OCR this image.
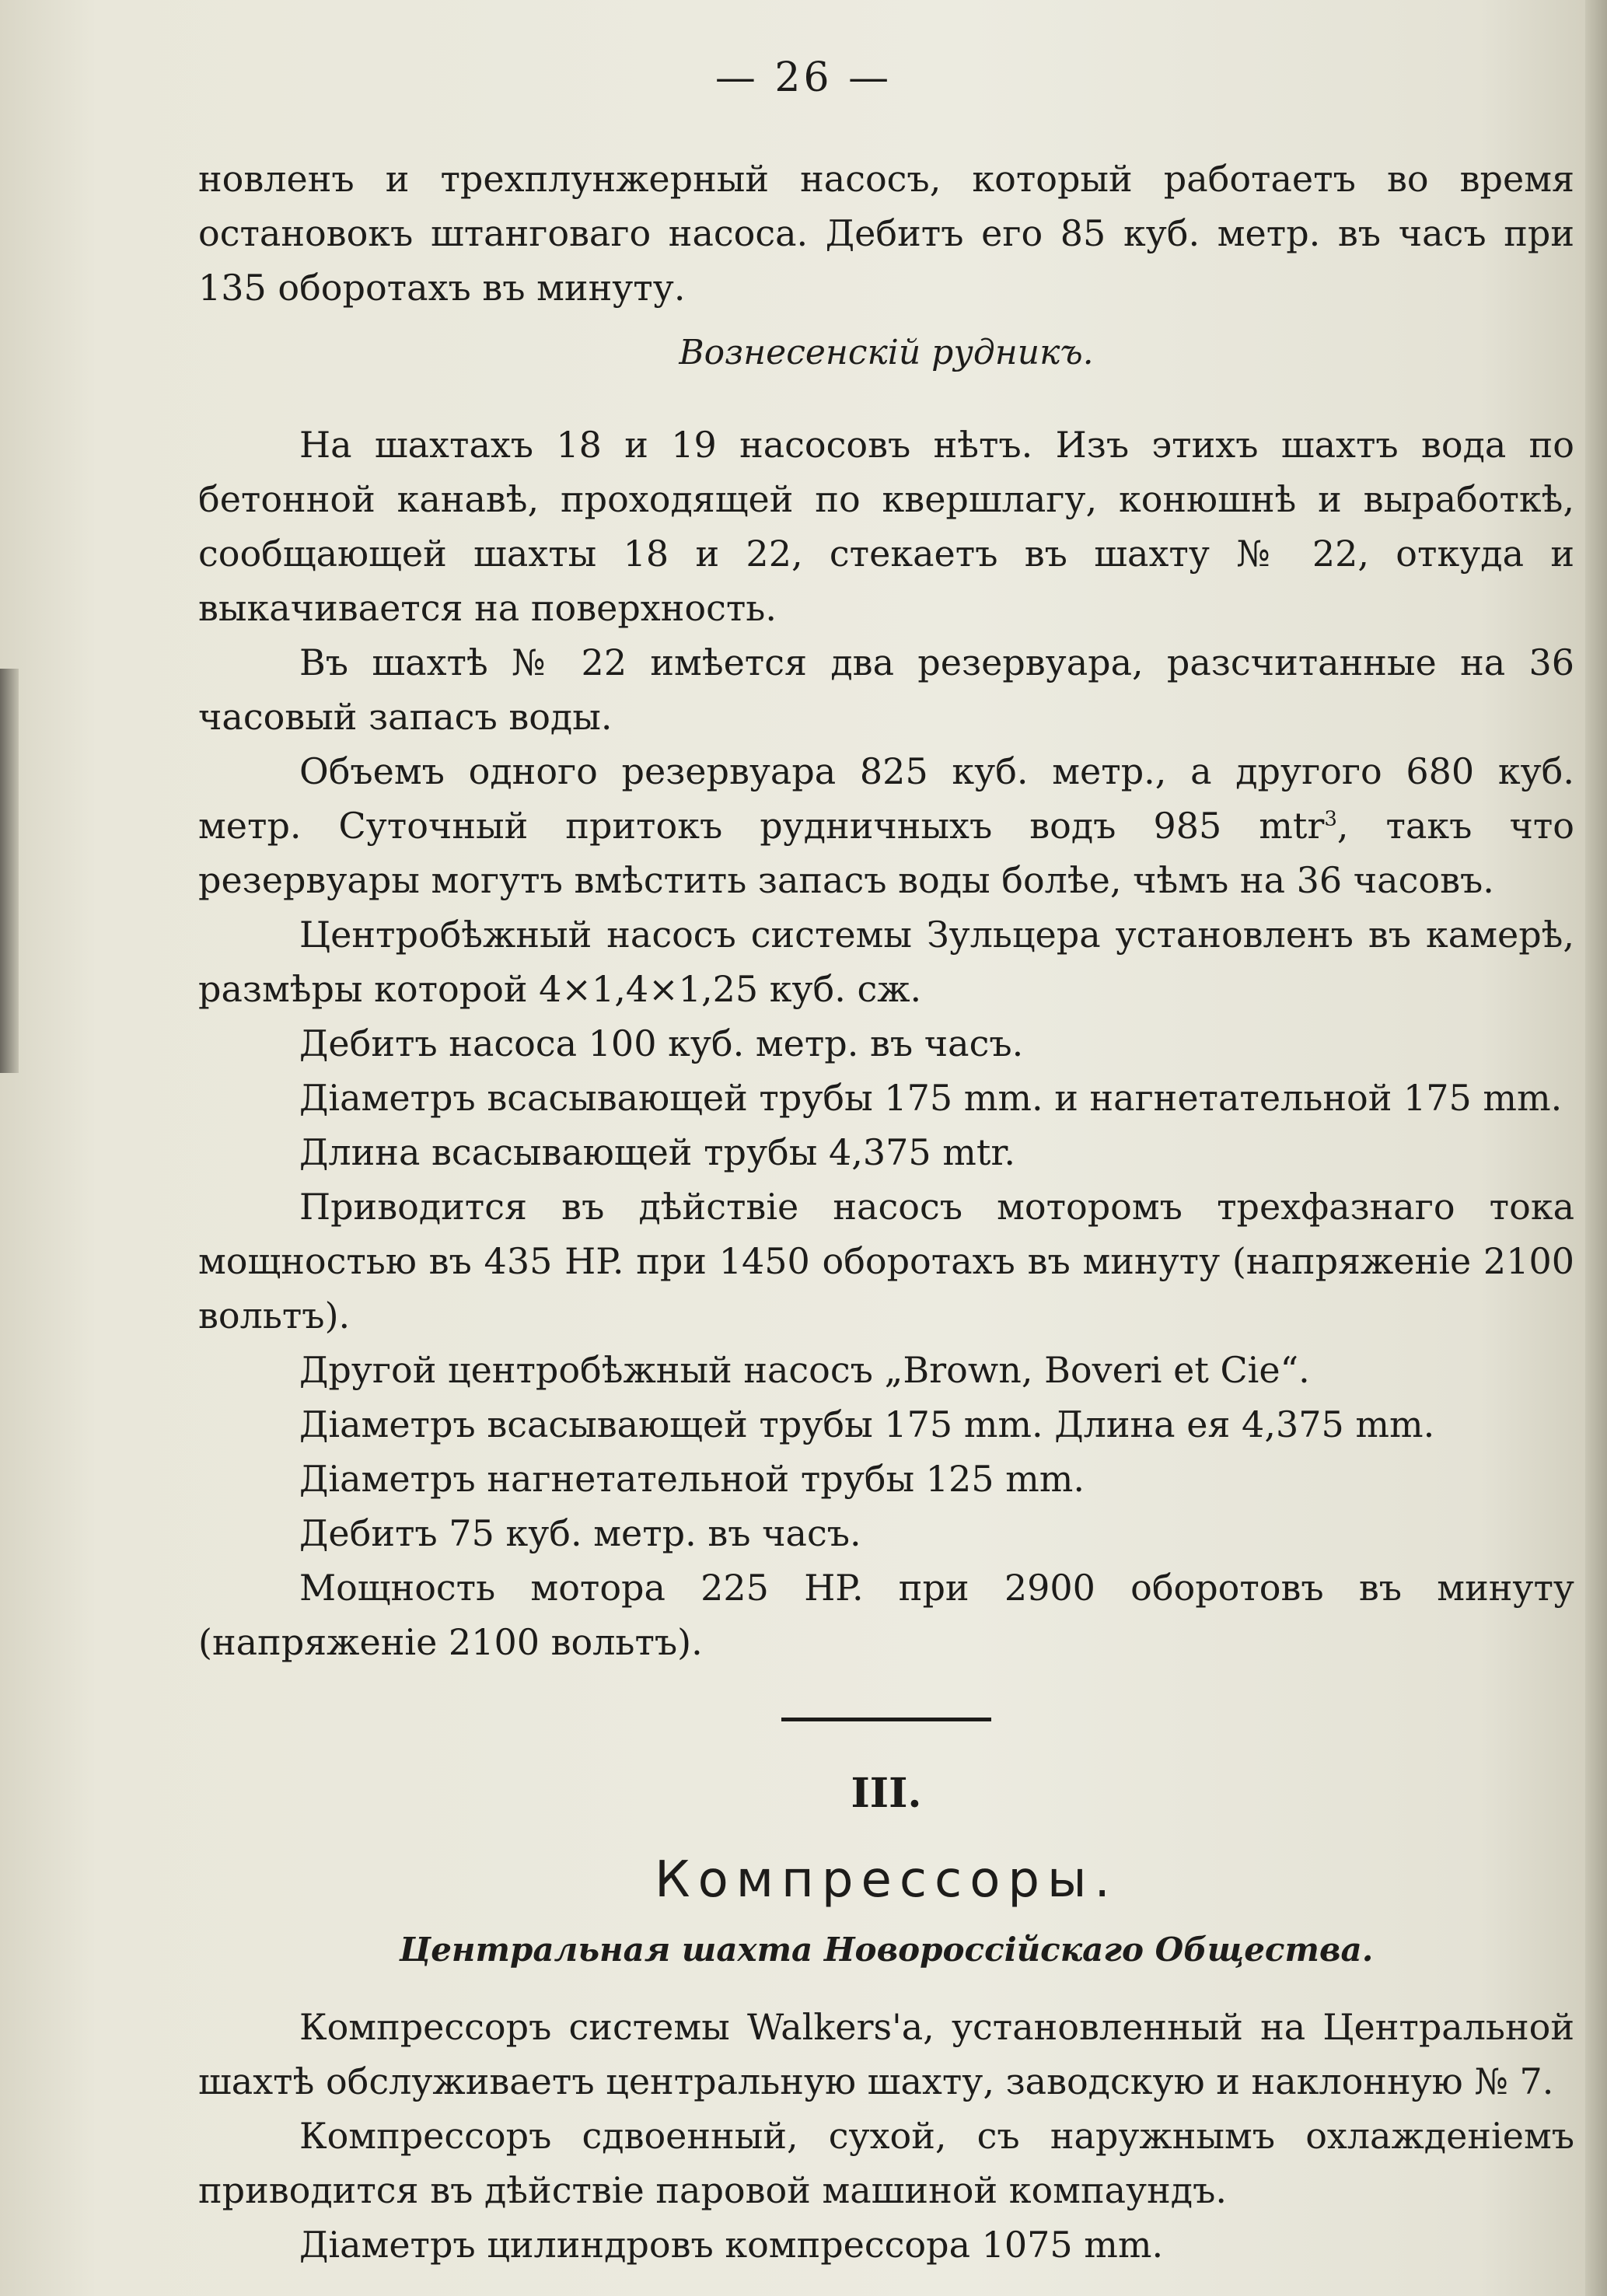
— 26 —

новленъ и трехплунжерный насосъ, который работаетъ во время остановокъ штанговаго насоса. Дебитъ его 85 куб. метр. въ часъ при 135 оборотахъ въ минуту.

Вознесенскій рудникъ.

На шахтахъ 18 и 19 насосовъ нѣтъ. Изъ этихъ шахтъ вода по бетонной канавѣ, проходящей по квершлагу, конюшнѣ и выработкѣ, сообщающей шахты 18 и 22, стекаетъ въ шахту № 22, откуда и выкачивается на поверхность.

Въ шахтѣ № 22 имѣется два резервуара, разсчитанные на 36 часовый запасъ воды.

Объемъ одного резервуара 825 куб. метр., а другого 680 куб. метр. Суточный притокъ рудничныхъ водъ 985 mtr$^3$, такъ что резервуары могутъ вмѣстить запасъ воды болѣе, чѣмъ на 36 часовъ.

Центробѣжный насосъ системы Зульцера установленъ въ камерѣ, размѣры которой 4×1,4×1,25 куб. сж.

Дебитъ насоса 100 куб. метр. въ часъ.

Діаметръ всасывающей трубы 175 mm. и нагнетательной 175 mm.

Длина всасывающей трубы 4,375 mtr.

Приводится въ дѣйствіе насосъ моторомъ трехфазнаго тока мощностью въ 435 HP. при 1450 оборотахъ въ минуту (напряженіе 2100 вольтъ).

Другой центробѣжный насосъ „Brown, Boveri et Cie“.

Діаметръ всасывающей трубы 175 mm. Длина ея 4,375 mm.

Діаметръ нагнетательной трубы 125 mm.

Дебитъ 75 куб. метр. въ часъ.

Мощность мотора 225 HP. при 2900 оборотовъ въ минуту (напряженіе 2100 вольтъ).

III.
Компрессоры.
Центральная шахта Новороссійскаго Общества.

Компрессоръ системы Walkers'a, установленный на Центральной шахтѣ обслуживаетъ центральную шахту, заводскую и наклонную № 7.

Компрессоръ сдвоенный, сухой, съ наружнымъ охлажденіемъ приводится въ дѣйствіе паровой машиной компаундъ.

Діаметръ цилиндровъ компрессора 1075 mm.
